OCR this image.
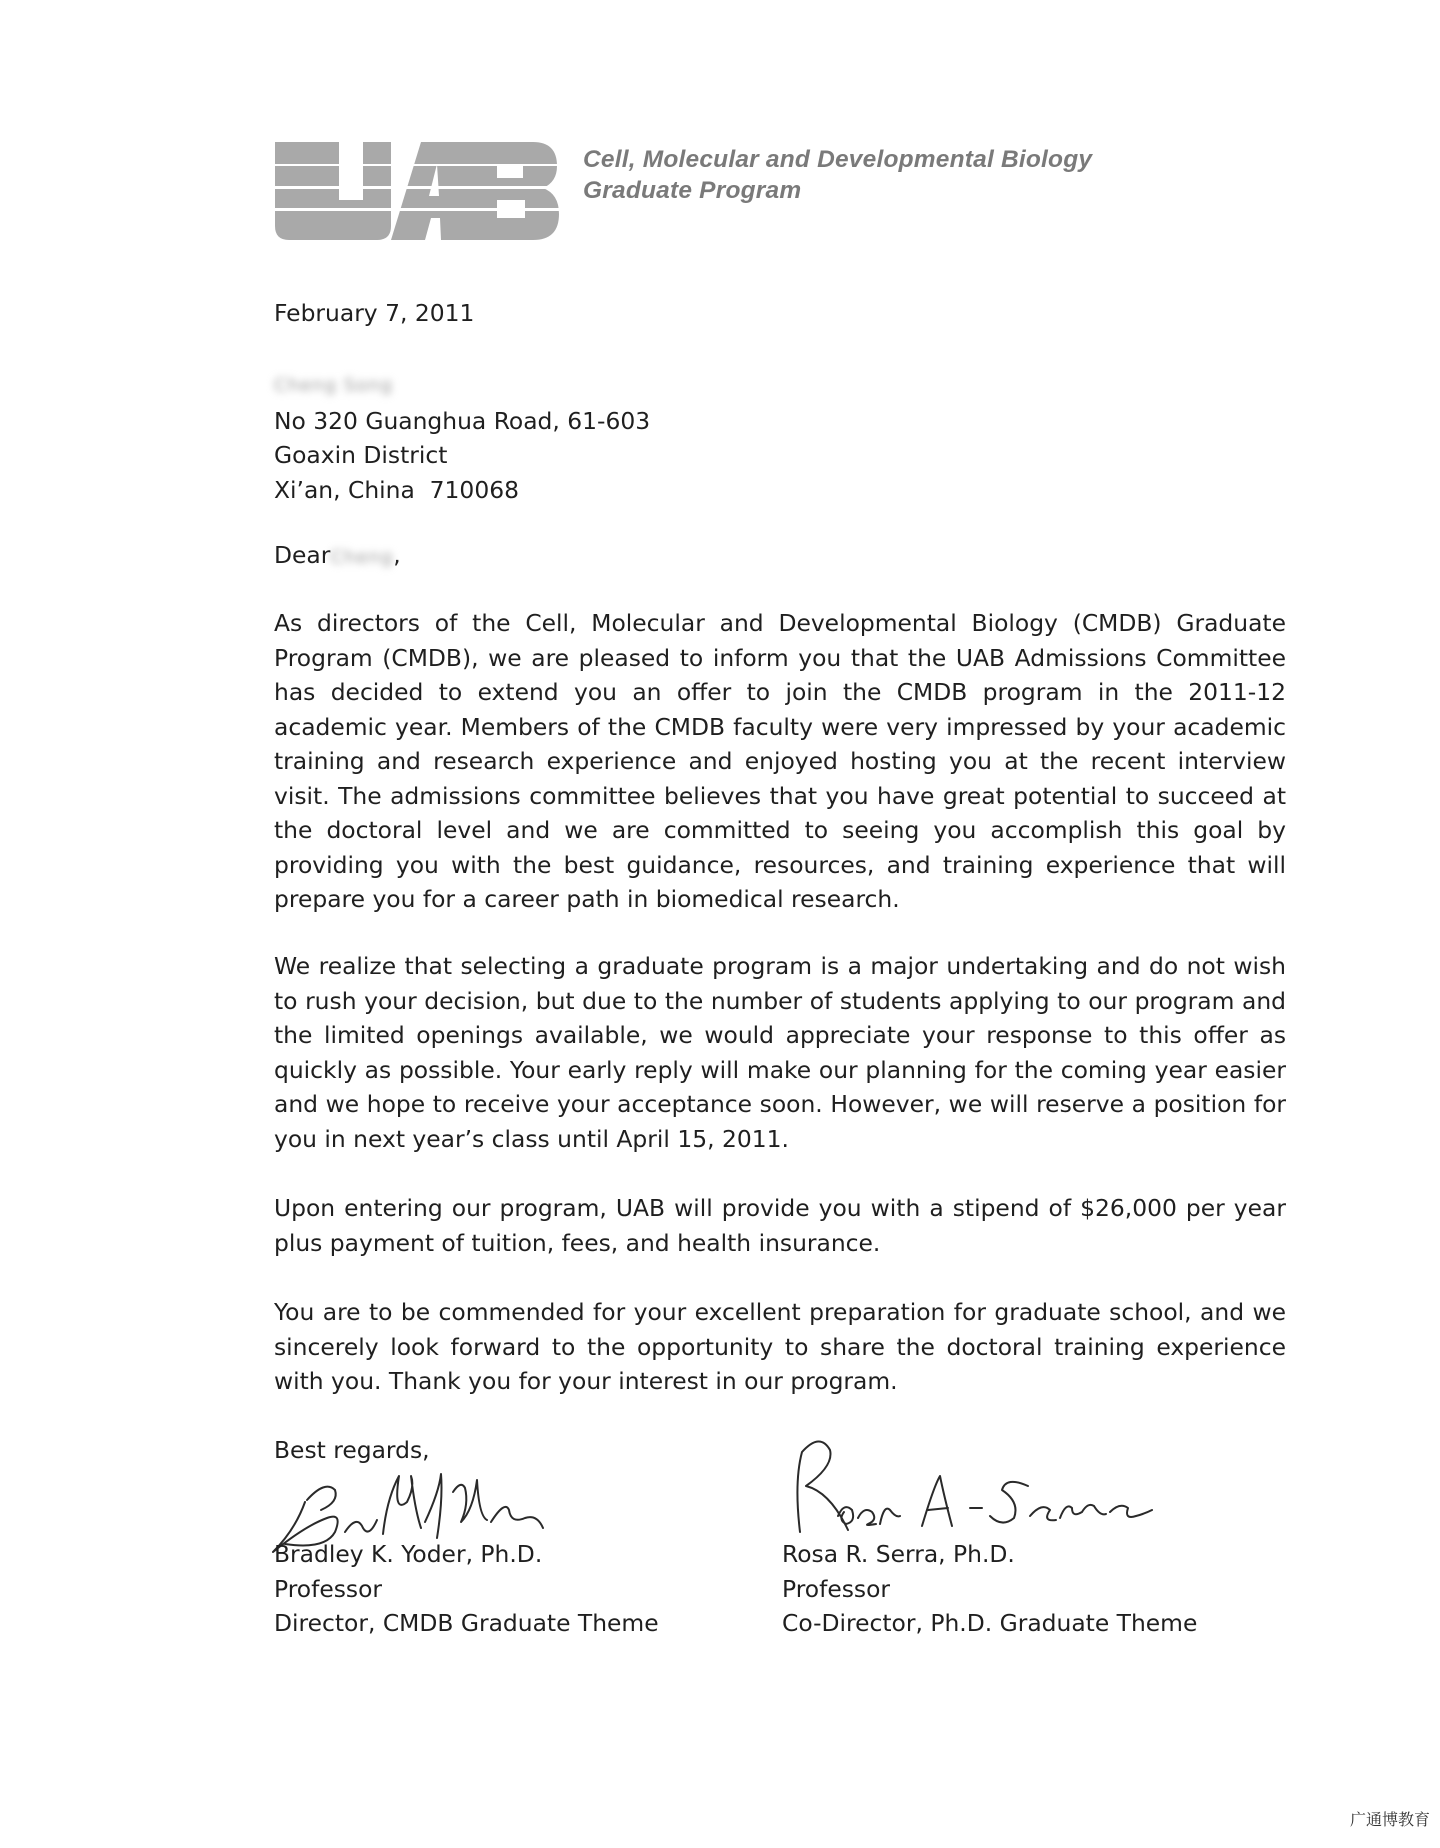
Cell, Molecular and Developmental Biology
Graduate Program
February 7, 2011
Cheng Song
No 320 Guanghua Road, 61-603
Goaxin District
Xi’an, China  710068
DearCheng,
As directors of the Cell, Molecular and Developmental Biology (CMDB) Graduate Program (CMDB), we are pleased to inform you that the UAB Admissions Committee has decided to extend you an offer to join the CMDB program in the 2011-12 academic year. Members of the CMDB faculty were very impressed by your academic training and research experience and enjoyed hosting you at the recent interview visit. The admissions committee believes that you have great potential to succeed at the doctoral level and we are committed to seeing you accomplish this goal by providing you with the best guidance, resources, and training experience that will prepare you for a career path in biomedical research.
We realize that selecting a graduate program is a major undertaking and do not wish to rush your decision, but due to the number of students applying to our program and the limited openings available, we would appreciate your response to this offer as quickly as possible. Your early reply will make our planning for the coming year easier and we hope to receive your acceptance soon. However, we will reserve a position for you in next year’s class until April 15, 2011.
Upon entering our program, UAB will provide you with a stipend of $26,000 per year plus payment of tuition, fees, and health insurance.
You are to be commended for your excellent preparation for graduate school, and we sincerely look forward to the opportunity to share the doctoral training experience with you. Thank you for your interest in our program.
Best regards,
Bradley K. Yoder, Ph.D.
Professor
Director, CMDB Graduate Theme
Rosa R. Serra, Ph.D.
Professor
Co-Director, Ph.D. Graduate Theme
广通博教育
